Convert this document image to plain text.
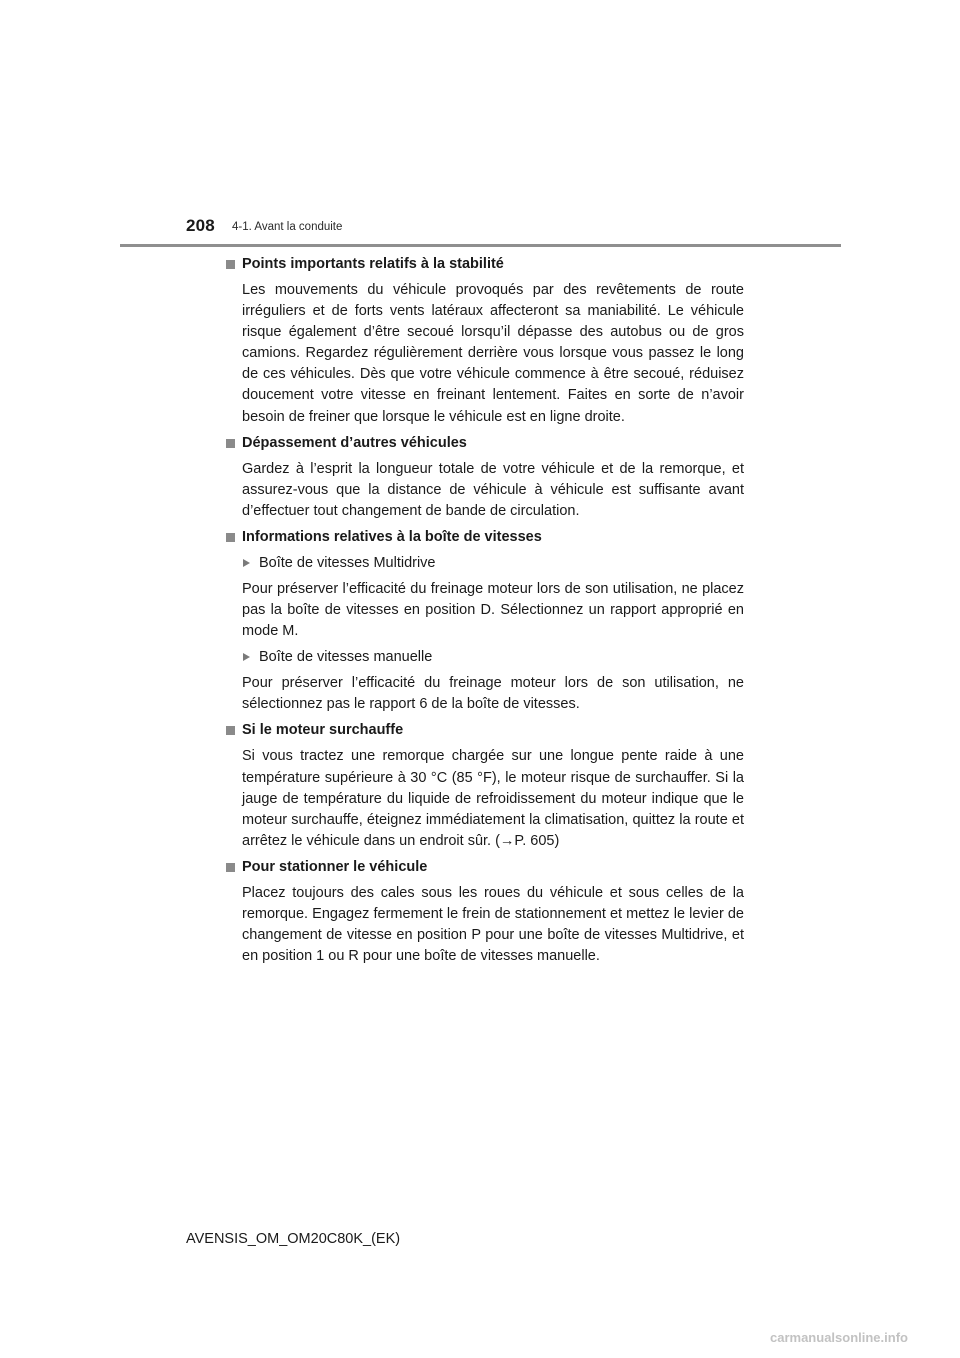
208 4-1. Avant la conduite
Points importants relatifs à la stabilité

Les mouvements du véhicule provoqués par des revêtements de route irréguliers et de forts vents latéraux affecteront sa maniabilité. Le véhicule risque également d’être secoué lorsqu’il dépasse des autobus ou de gros camions. Regardez régulièrement derrière vous lorsque vous passez le long de ces véhicules. Dès que votre véhicule commence à être secoué, réduisez doucement votre vitesse en freinant lentement. Faites en sorte de n’avoir besoin de freiner que lorsque le véhicule est en ligne droite.

Dépassement d’autres véhicules

Gardez à l’esprit la longueur totale de votre véhicule et de la remorque, et assurez-vous que la distance de véhicule à véhicule est suffisante avant d’effectuer tout changement de bande de circulation.

Informations relatives à la boîte de vitesses
Boîte de vitesses Multidrive

Pour préserver l’efficacité du freinage moteur lors de son utilisation, ne placez pas la boîte de vitesses en position D. Sélectionnez un rapport approprié en mode M.

Boîte de vitesses manuelle

Pour préserver l’efficacité du freinage moteur lors de son utilisation, ne sélectionnez pas le rapport 6 de la boîte de vitesses.

Si le moteur surchauffe

Si vous tractez une remorque chargée sur une longue pente raide à une température supérieure à 30 °C (85 °F), le moteur risque de surchauffer. Si la jauge de température du liquide de refroidissement du moteur indique que le moteur surchauffe, éteignez immédiatement la climatisation, quittez la route et arrêtez le véhicule dans un endroit sûr. (→P. 605)

Pour stationner le véhicule

Placez toujours des cales sous les roues du véhicule et sous celles de la remorque. Engagez fermement le frein de stationnement et mettez le levier de changement de vitesse en position P pour une boîte de vitesses Multidrive, et en position 1 ou R pour une boîte de vitesses manuelle.

AVENSIS_OM_OM20C80K_(EK)
carmanualsonline.info
